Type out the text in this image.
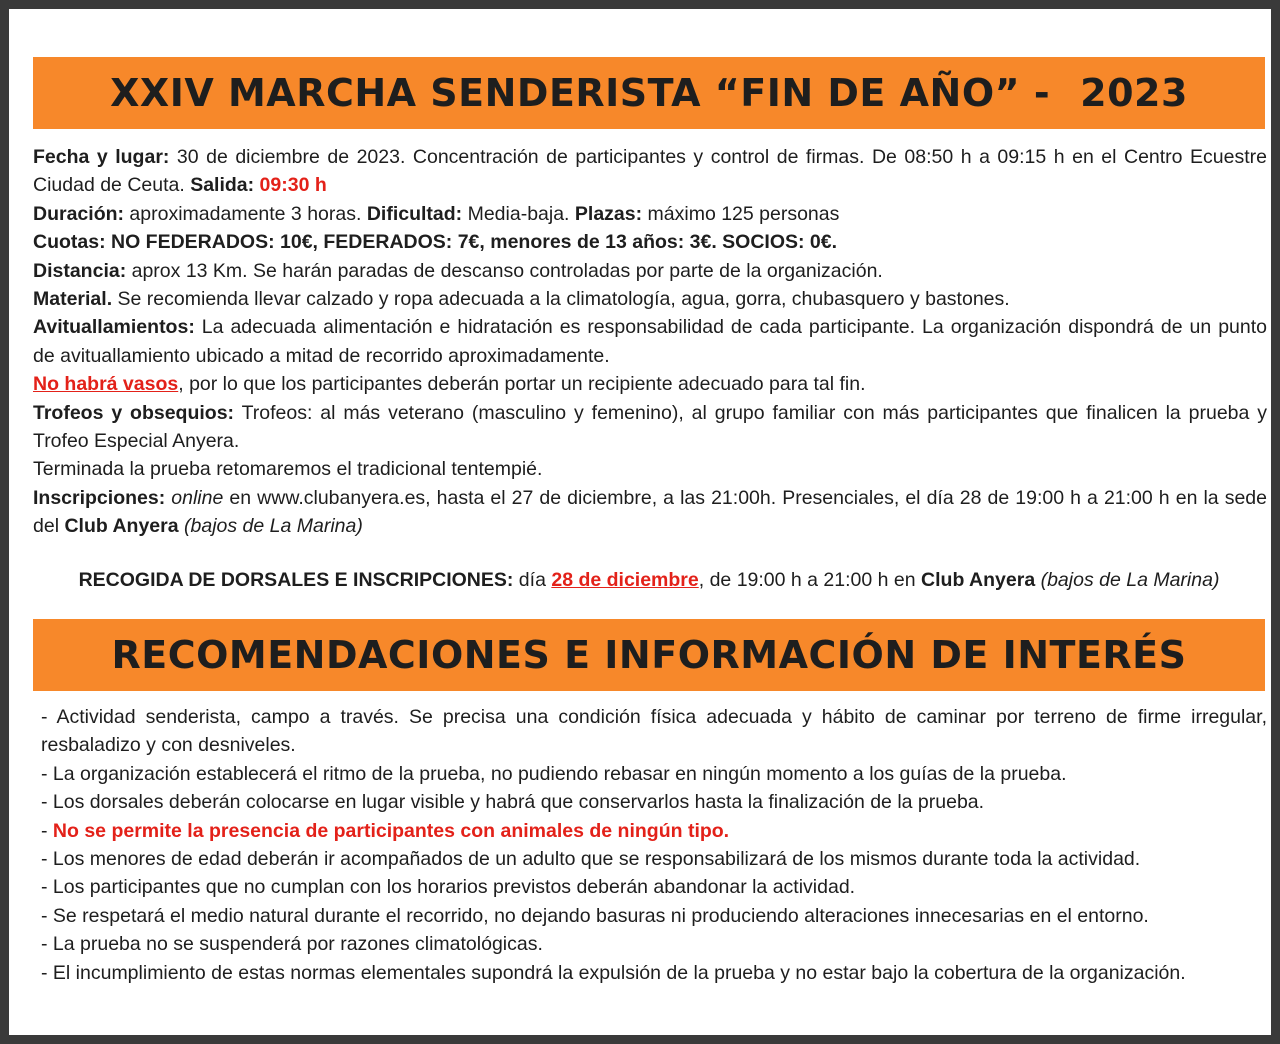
XXIV MARCHA SENDERISTA “FIN DE AÑO” - 2023

Fecha y lugar: 30 de diciembre de 2023. Concentración de participantes y control de firmas. De 08:50 h a 09:15 h en el Centro Ecuestre Ciudad de Ceuta. Salida: 09:30 h

Duración: aproximadamente 3 horas. Dificultad: Media-baja. Plazas: máximo 125 personas

Cuotas: NO FEDERADOS: 10€, FEDERADOS: 7€, menores de 13 años: 3€. SOCIOS: 0€.

Distancia: aprox 13 Km. Se harán paradas de descanso controladas por parte de la organización.

Material. Se recomienda llevar calzado y ropa adecuada a la climatología, agua, gorra, chubasquero y bastones.

Avituallamientos: La adecuada alimentación e hidratación es responsabilidad de cada participante. La organización dispondrá de un punto de avituallamiento ubicado a mitad de recorrido aproximadamente.

No habrá vasos, por lo que los participantes deberán portar un recipiente adecuado para tal fin.

Trofeos y obsequios: Trofeos: al más veterano (masculino y femenino), al grupo familiar con más participantes que finalicen la prueba y Trofeo Especial Anyera.

Terminada la prueba retomaremos el tradicional tentempié.

Inscripciones: online en www.clubanyera.es, hasta el 27 de diciembre, a las 21:00h. Presenciales, el día 28 de 19:00 h a 21:00 h en la sede del Club Anyera (bajos de La Marina)

RECOGIDA DE DORSALES E INSCRIPCIONES: día 28 de diciembre, de 19:00 h a 21:00 h en Club Anyera (bajos de La Marina)
RECOMENDACIONES E INFORMACIÓN DE INTERÉS

- Actividad senderista, campo a través. Se precisa una condición física adecuada y hábito de caminar por terreno de firme irregular, resbaladizo y con desniveles.

- La organización establecerá el ritmo de la prueba, no pudiendo rebasar en ningún momento a los guías de la prueba.

- Los dorsales deberán colocarse en lugar visible y habrá que conservarlos hasta la finalización de la prueba.

- No se permite la presencia de participantes con animales de ningún tipo.

- Los menores de edad deberán ir acompañados de un adulto que se responsabilizará de los mismos durante toda la actividad.

- Los participantes que no cumplan con los horarios previstos deberán abandonar la actividad.

- Se respetará el medio natural durante el recorrido, no dejando basuras ni produciendo alteraciones innecesarias en el entorno.

- La prueba no se suspenderá por razones climatológicas.

- El incumplimiento de estas normas elementales supondrá la expulsión de la prueba y no estar bajo la cobertura de la organización.
